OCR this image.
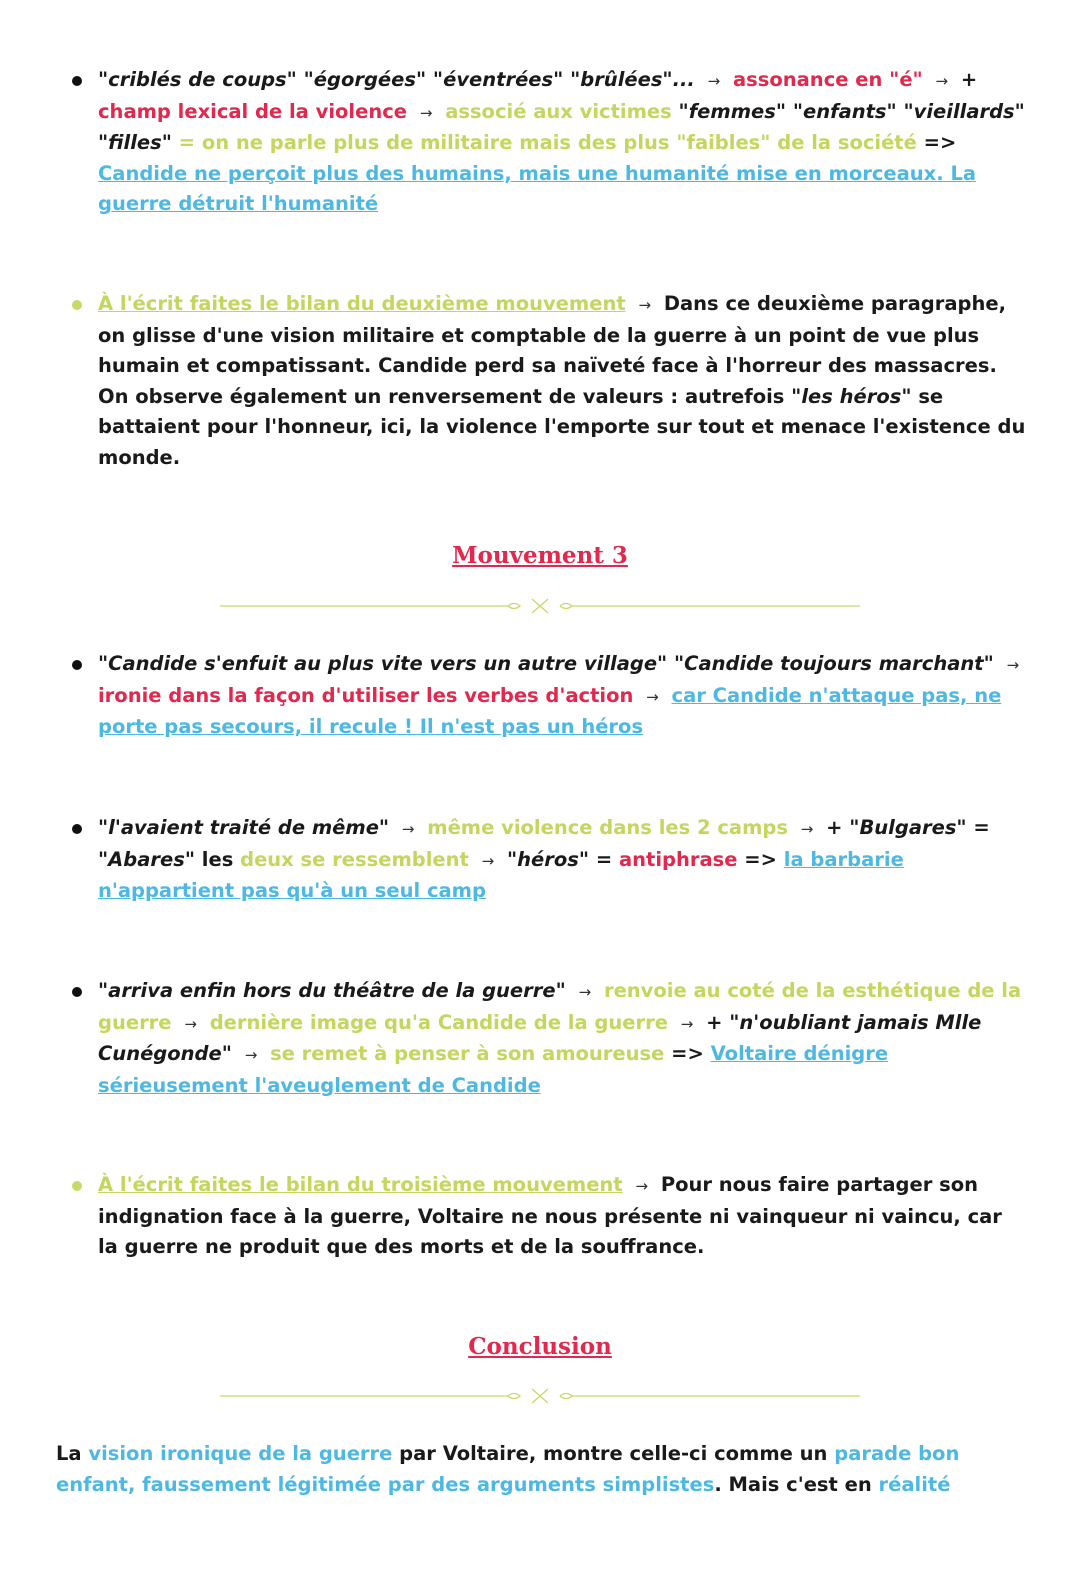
"criblés de coups" "égorgées" "éventrées" "brûlées"... → assonance en "é" → + champ lexical de la violence → associé aux victimes "femmes" "enfants" "vieillards" "filles" = on ne parle plus de militaire mais des plus "faibles" de la société => Candide ne perçoit plus des humains, mais une humanité mise en morceaux. La guerre détruit l'humanité
À l'écrit faites le bilan du deuxième mouvement → Dans ce deuxième paragraphe, on glisse d'une vision militaire et comptable de la guerre à un point de vue plus humain et compatissant. Candide perd sa naïveté face à l'horreur des massacres. On observe également un renversement de valeurs : autrefois "les héros" se battaient pour l'honneur, ici, la violence l'emporte sur tout et menace l'existence du monde.
Mouvement 3
"Candide s'enfuit au plus vite vers un autre village" "Candide toujours marchant" → ironie dans la façon d'utiliser les verbes d'action → car Candide n'attaque pas, ne porte pas secours, il recule ! Il n'est pas un héros
"l'avaient traité de même" → même violence dans les 2 camps → + "Bulgares" = "Abares" les deux se ressemblent → "héros" = antiphrase => la barbarie n'appartient pas qu'à un seul camp
"arriva enfin hors du théâtre de la guerre" → renvoie au coté de la esthétique de la guerre → dernière image qu'a Candide de la guerre → + "n'oubliant jamais Mlle Cunégonde" → se remet à penser à son amoureuse => Voltaire dénigre sérieusement l'aveuglement de Candide
À l'écrit faites le bilan du troisième mouvement → Pour nous faire partager son indignation face à la guerre, Voltaire ne nous présente ni vainqueur ni vaincu, car la guerre ne produit que des morts et de la souffrance.
Conclusion
La vision ironique de la guerre par Voltaire, montre celle-ci comme un parade bon enfant, faussement légitimée par des arguments simplistes. Mais c'est en réalité
